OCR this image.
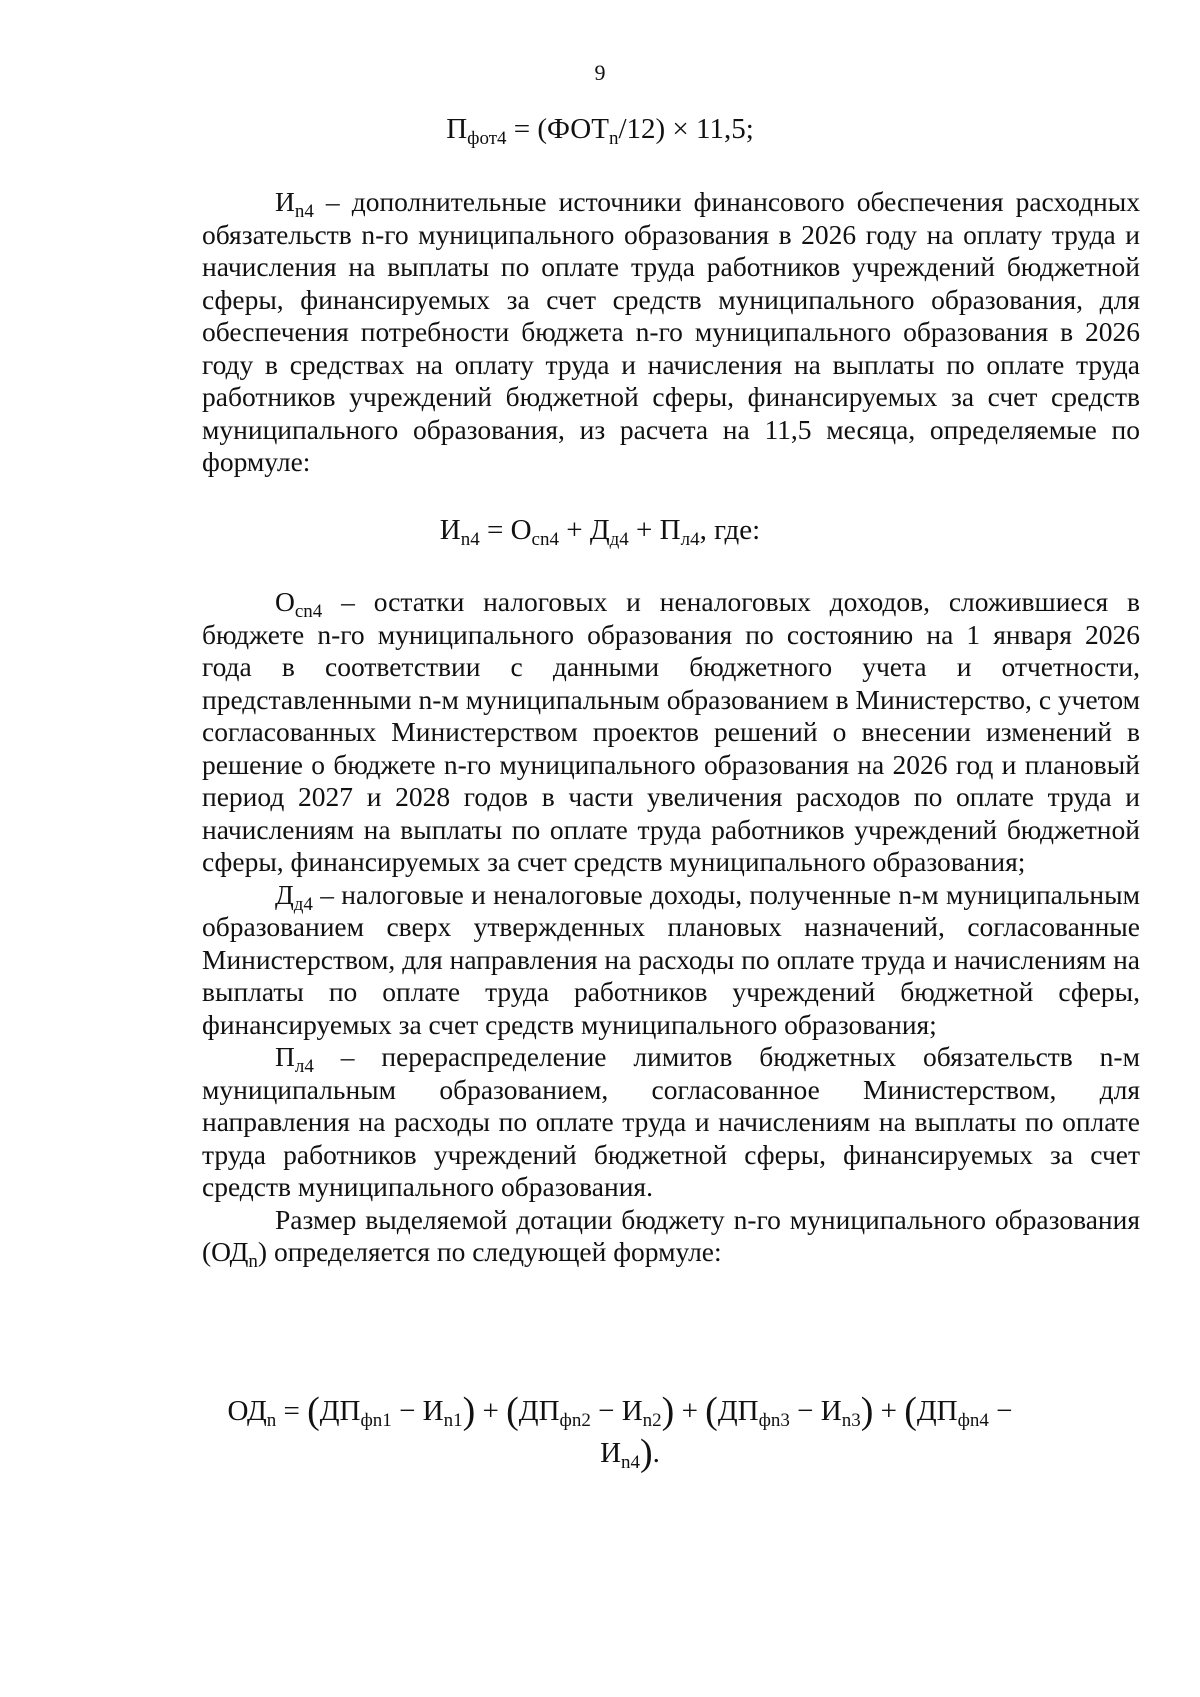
9
$П_{фот4} = (ФОТ_n/12) \times 11,5$;

$И_{n4}$ – дополнительные источники финансового обеспечения расходных обязательств n-го муниципального образования в 2026 году на оплату труда и начисления на выплаты по оплате труда работников учреждений бюджетной сферы, финансируемых за счет средств муниципального образования, для обеспечения потребности бюджета n-го муниципального образования в 2026 году в средствах на оплату труда и начисления на выплаты по оплате труда работников учреждений бюджетной сферы, финансируемых за счет средств муниципального образования, из расчета на 11,5 месяца, определяемые по формуле:

$И_{n4} = О_{сn4} + Д_{д4} + П_{л4}$, где:

$О_{сn4}$ – остатки налоговых и неналоговых доходов, сложившиеся в бюджете n-го муниципального образования по состоянию на 1 января 2026 года в соответствии с данными бюджетного учета и отчетности, представленными n-м муниципальным образованием в Министерство, с учетом согласованных Министерством проектов решений о внесении изменений в решение о бюджете n-го муниципального образования на 2026 год и плановый период 2027 и 2028 годов в части увеличения расходов по оплате труда и начислениям на выплаты по оплате труда работников учреждений бюджетной сферы, финансируемых за счет средств муниципального образования;

$Д_{д4}$ – налоговые и неналоговые доходы, полученные n-м муниципальным образованием сверх утвержденных плановых назначений, согласованные Министерством, для направления на расходы по оплате труда и начислениям на выплаты по оплате труда работников учреждений бюджетной сферы, финансируемых за счет средств муниципального образования;

$П_{л4}$ – перераспределение лимитов бюджетных обязательств n-м муниципальным образованием, согласованное Министерством, для направления на расходы по оплате труда и начислениям на выплаты по оплате труда работников учреждений бюджетной сферы, финансируемых за счет средств муниципального образования.

Размер выделяемой дотации бюджету n-го муниципального образования $(ОД_n)$ определяется по следующей формуле:

$ОД_n = (ДП_{фn1} - И_{n1}) + (ДП_{фn2} - И_{n2}) + (ДП_{фn3} - И_{n3}) + (ДП_{фn4}$ −
$И_{n4}$).
